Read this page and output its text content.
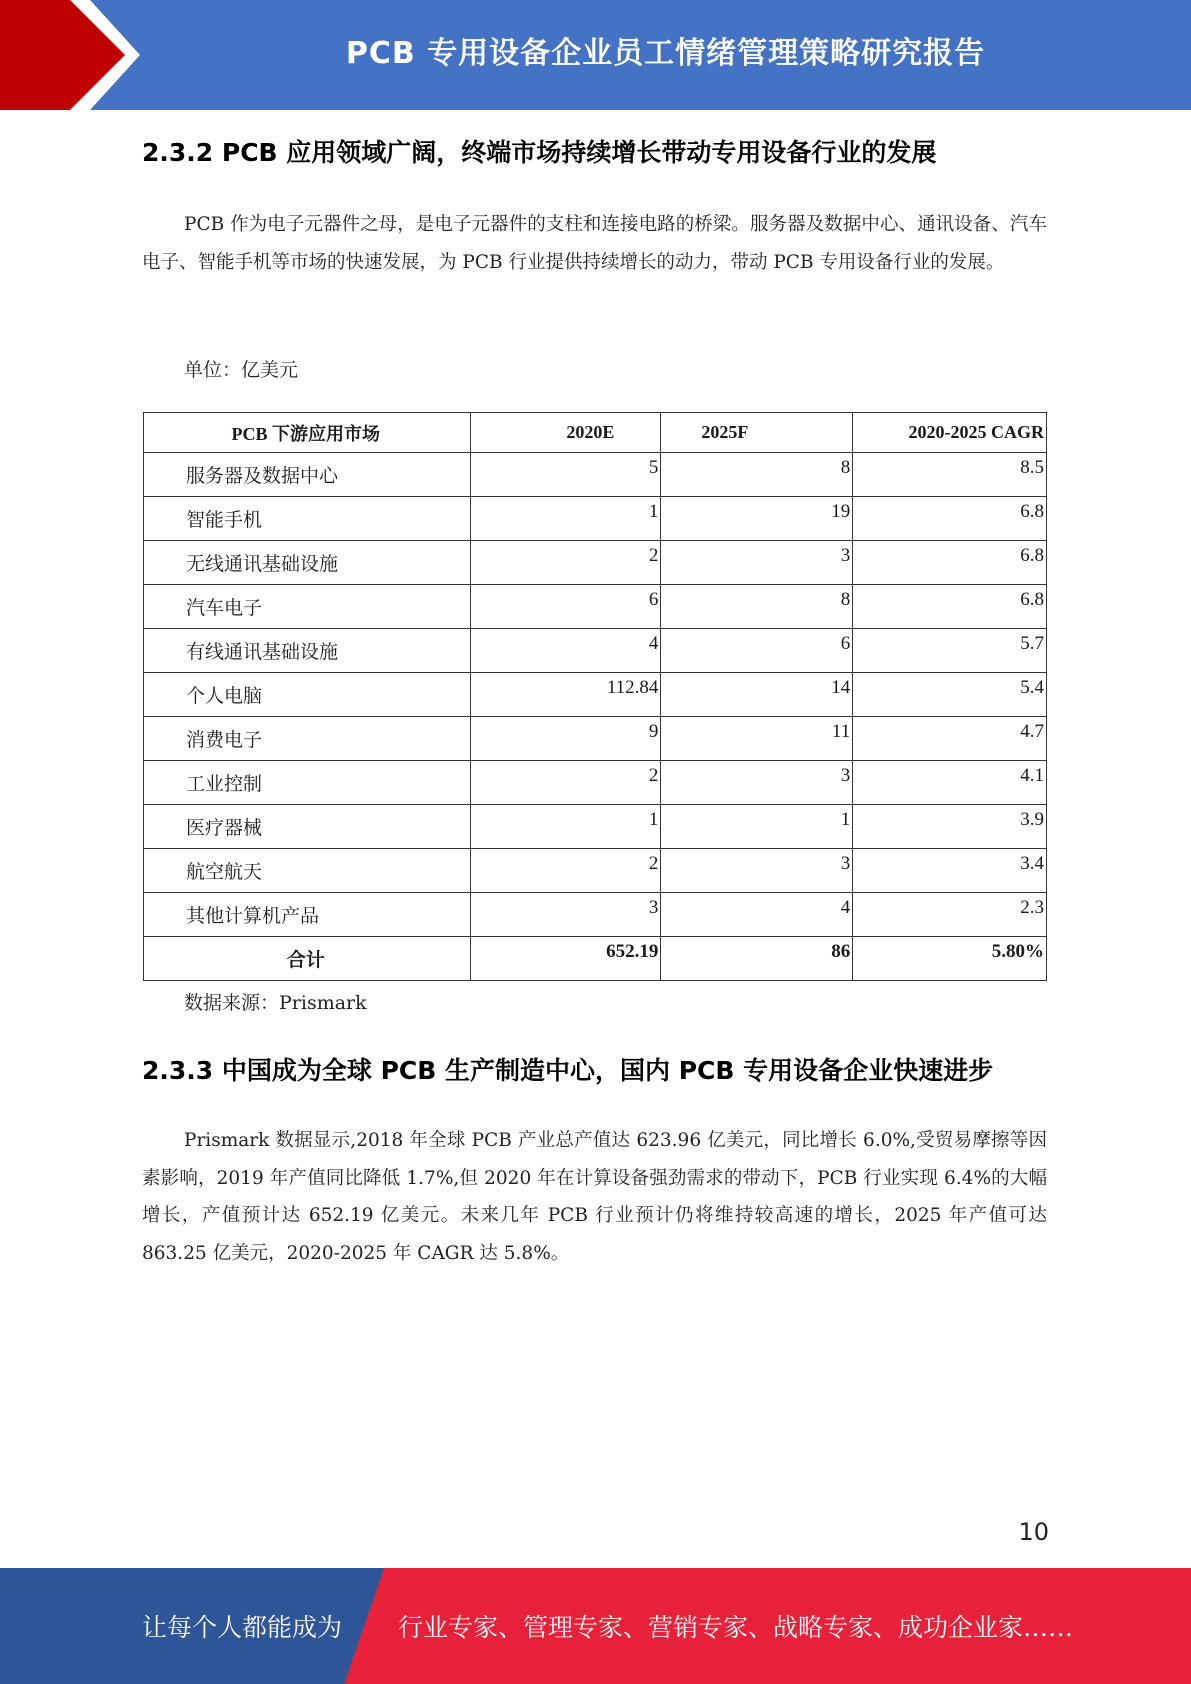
PCB 专用设备企业员工情绪管理策略研究报告
2.3.2 PCB 应用领域广阔，终端市场持续增长带动专用设备行业的发展
PCB 作为电子元器件之母，是电子元器件的支柱和连接电路的桥梁。服务器及数据中心、通讯设备、汽车电子、智能手机等市场的快速发展，为 PCB 行业提供持续增长的动力，带动 PCB 专用设备行业的发展。
单位：亿美元
PCB 下游应用市场	2020E	2025F	2020-2025 CAGR
服务器及数据中心	5	8	8.5
智能手机	1	19	6.8
无线通讯基础设施	2	3	6.8
汽车电子	6	8	6.8
有线通讯基础设施	4	6	5.7
个人电脑	112.84	14	5.4
消费电子	9	11	4.7
工业控制	2	3	4.1
医疗器械	1	1	3.9
航空航天	2	3	3.4
其他计算机产品	3	4	2.3
合计	652.19	86	5.80%
数据来源：Prismark
2.3.3 中国成为全球 PCB 生产制造中心，国内 PCB 专用设备企业快速进步
Prismark 数据显示,2018 年全球 PCB 产业总产值达 623.96 亿美元，同比增长 6.0%,受贸易摩擦等因素影响，2019 年产值同比降低 1.7%,但 2020 年在计算设备强劲需求的带动下，PCB 行业实现 6.4%的大幅增长，产值预计达 652.19 亿美元。未来几年 PCB 行业预计仍将维持较高速的增长，2025 年产值可达 863.25 亿美元，2020-2025 年 CAGR 达 5.8%。
10
让每个人都能成为 行业专家、管理专家、营销专家、战略专家、成功企业家……
